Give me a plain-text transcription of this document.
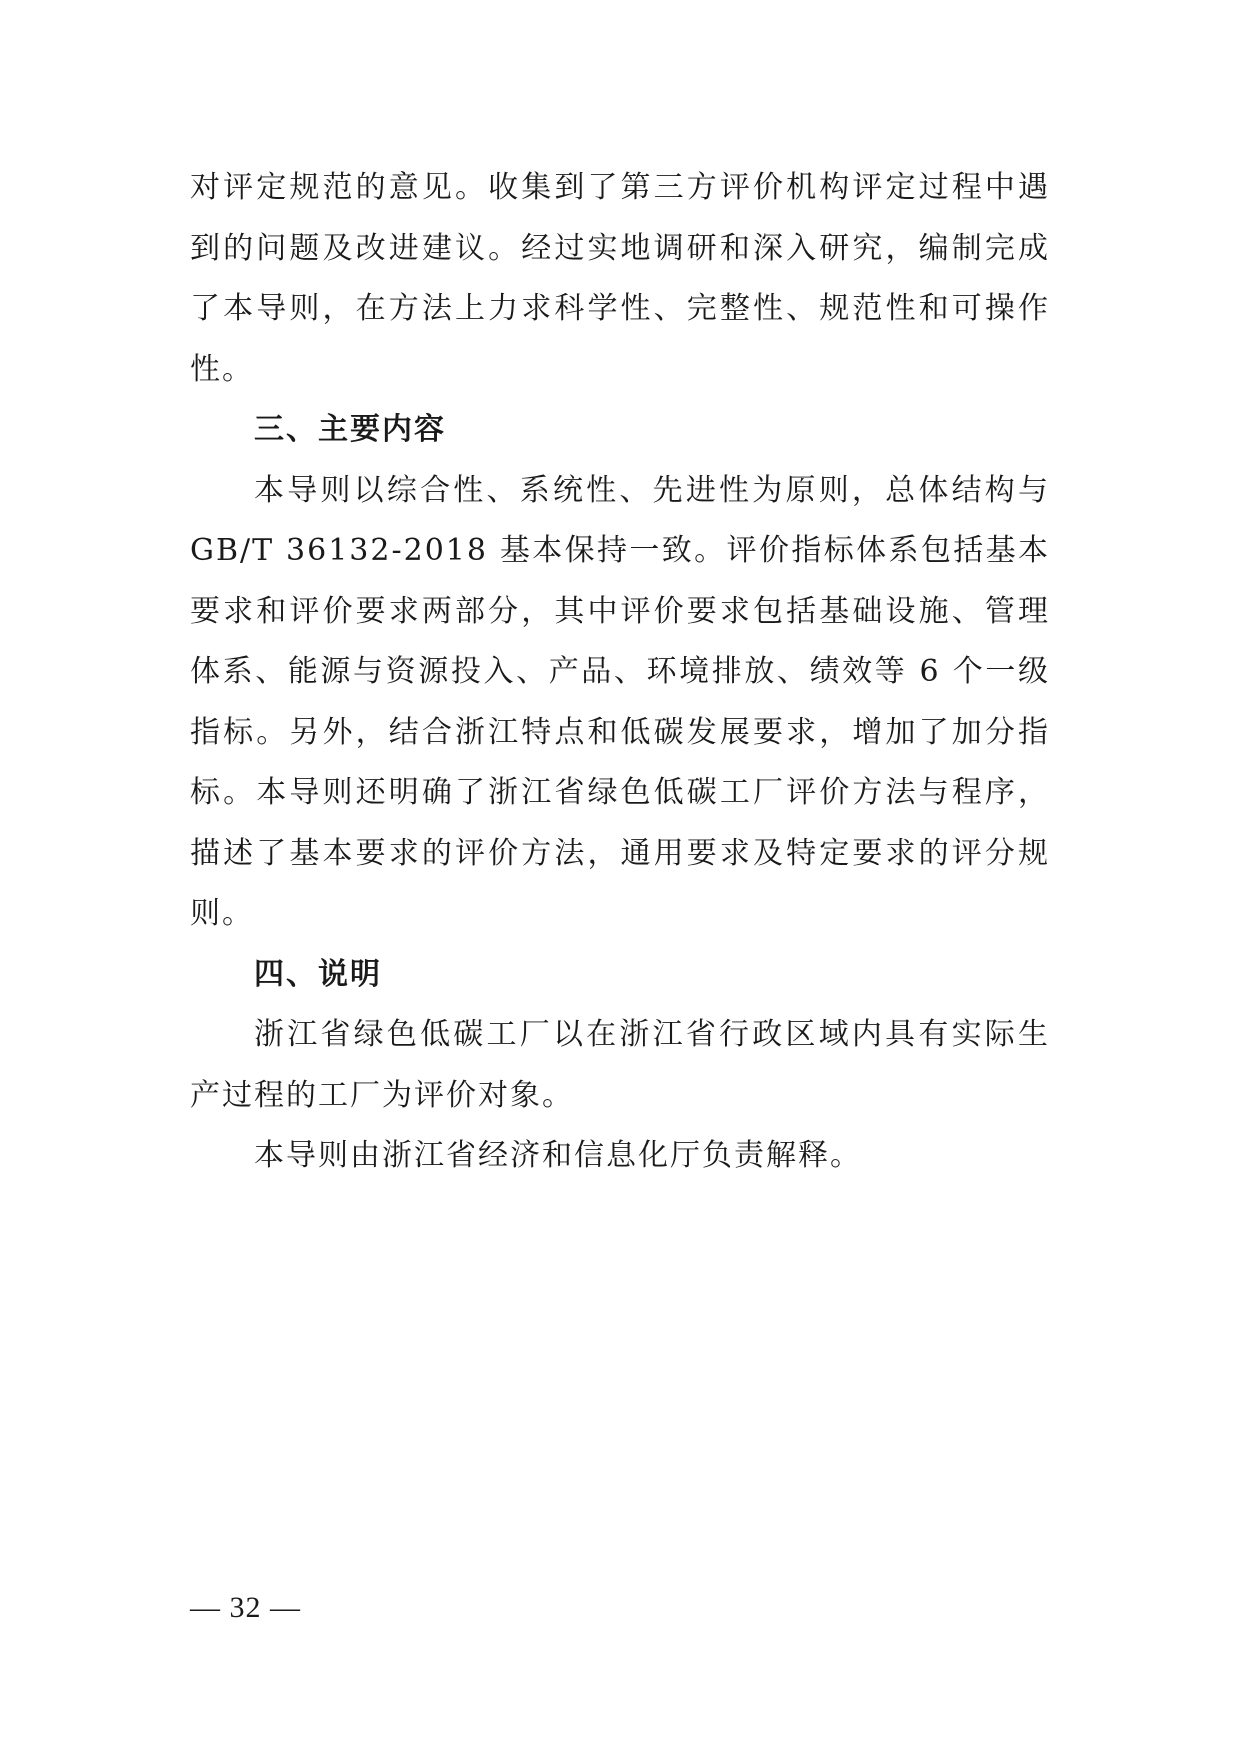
对评定规范的意见。收集到了第三方评价机构评定过程中遇到的问题及改进建议。经过实地调研和深入研究，编制完成了本导则，在方法上力求科学性、完整性、规范性和可操作性。

三、主要内容

本导则以综合性、系统性、先进性为原则，总体结构与GB/T 36132-2018 基本保持一致。评价指标体系包括基本要求和评价要求两部分，其中评价要求包括基础设施、管理体系、能源与资源投入、产品、环境排放、绩效等 6 个一级指标。另外，结合浙江特点和低碳发展要求，增加了加分指标。本导则还明确了浙江省绿色低碳工厂评价方法与程序，描述了基本要求的评价方法，通用要求及特定要求的评分规则。

四、说明

浙江省绿色低碳工厂以在浙江省行政区域内具有实际生产过程的工厂为评价对象。

本导则由浙江省经济和信息化厅负责解释。

— 32 —
